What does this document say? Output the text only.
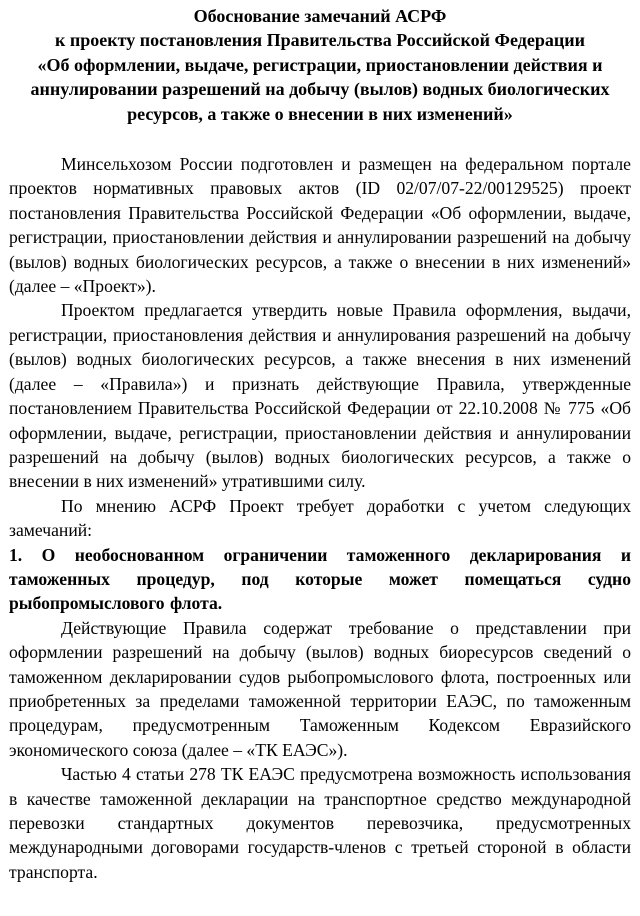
Обоснование замечаний АСРФ
к проекту постановления Правительства Российской Федерации
«Об оформлении, выдаче, регистрации, приостановлении действия и
аннулировании разрешений на добычу (вылов) водных биологических
ресурсов, а также о внесении в них изменений»

Минсельхозом России подготовлен и размещен на федеральном портале проектов нормативных правовых актов (ID 02/07/07-22/00129525) проект постановления Правительства Российской Федерации «Об оформлении, выдаче, регистрации, приостановлении действия и аннулировании разрешений на добычу (вылов) водных биологических ресурсов, а также о внесении в них изменений» (далее – «Проект»).

Проектом предлагается утвердить новые Правила оформления, выдачи, регистрации, приостановления действия и аннулирования разрешений на добычу (вылов) водных биологических ресурсов, а также внесения в них изменений (далее – «Правила») и признать действующие Правила, утвержденные постановлением Правительства Российской Федерации от 22.10.2008 № 775 «Об оформлении, выдаче, регистрации, приостановлении действия и аннулировании разрешений на добычу (вылов) водных биологических ресурсов, а также о внесении в них изменений» утратившими силу.

По мнению АСРФ Проект требует доработки с учетом следующих замечаний:

1. О необоснованном ограничении таможенного декларирования и таможенных процедур, под которые может помещаться судно рыбопромыслового флота.

Действующие Правила содержат требование о представлении при оформлении разрешений на добычу (вылов) водных биоресурсов сведений о таможенном декларировании судов рыбопромыслового флота, построенных или приобретенных за пределами таможенной территории ЕАЭС, по таможенным процедурам, предусмотренным Таможенным Кодексом Евразийского экономического союза (далее – «ТК ЕАЭС»).

Частью 4 статьи 278 ТК ЕАЭС предусмотрена возможность использования в качестве таможенной декларации на транспортное средство международной перевозки стандартных документов перевозчика, предусмотренных международными договорами государств-членов с третьей стороной в области транспорта.
